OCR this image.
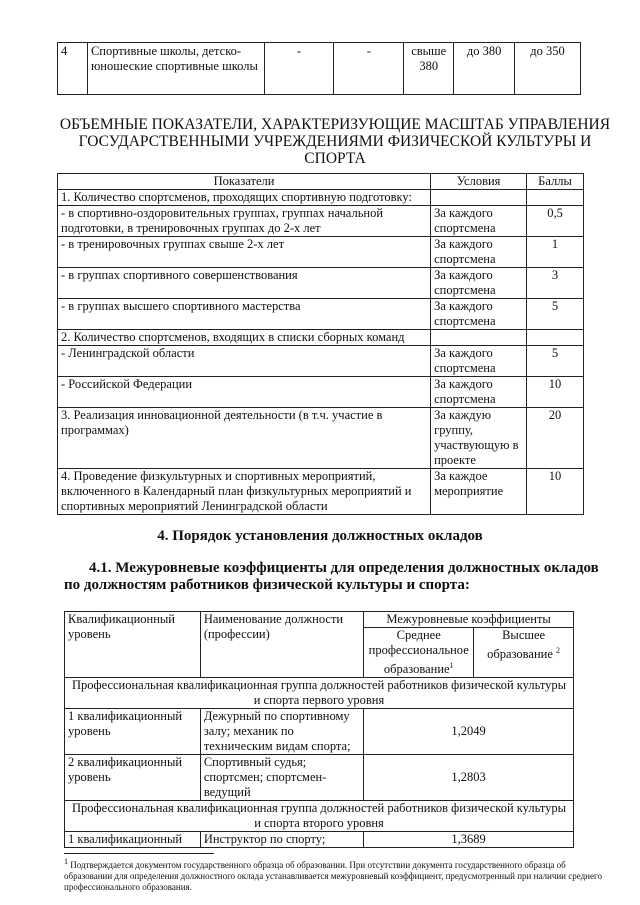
4	Спортивные школы, детско-юношеские спортивные школы	-	-	свыше 380	до 380	до 350
ОБЪЕМНЫЕ ПОКАЗАТЕЛИ, ХАРАКТЕРИЗУЮЩИЕ МАСШТАБ УПРАВЛЕНИЯ ГОСУДАРСТВЕННЫМИ УЧРЕЖДЕНИЯМИ ФИЗИЧЕСКОЙ КУЛЬТУРЫ И СПОРТА
Показатели	Условия	Баллы
1. Количество спортсменов, проходящих спортивную подготовку:		
- в спортивно-оздоровительных группах, группах начальной подготовки, в тренировочных группах до 2-х лет	За каждого спортсмена	0,5
- в тренировочных группах свыше 2-х лет	За каждого спортсмена	1
- в группах спортивного совершенствования	За каждого спортсмена	3
- в группах высшего спортивного мастерства	За каждого спортсмена	5
2. Количество спортсменов, входящих в списки сборных команд		
- Ленинградской области	За каждого спортсмена	5
- Российской Федерации	За каждого спортсмена	10
3. Реализация инновационной деятельности (в т.ч. участие в программах)	За каждую группу, участвующую в проекте	20
4. Проведение физкультурных и спортивных мероприятий, включенного в Календарный план физкультурных мероприятий и спортивных мероприятий Ленинградской области	За каждое мероприятие	10
4. Порядок установления должностных окладов
4.1. Межуровневые коэффициенты для определения должностных окладов
по должностям работников физической культуры и спорта:
Квалификационный уровень	Наименование должности (профессии)	Межуровневые коэффициенты	
		Среднее профессиональное образование$^1$	Высшее образование $^2$
Профессиональная квалификационная группа должностей работников физической культуры и спорта первого уровня			
1 квалификационный уровень	Дежурный по спортивному залу; механик по техническим видам спорта;	1,2049	
2 квалификационный уровень	Спортивный судья; спортсмен; спортсмен-ведущий	1,2803	
Профессиональная квалификационная группа должностей работников физической культуры и спорта второго уровня			
1 квалификационный	Инструктор по спорту;	1,3689	
$^1$ Подтверждается документом государственного образца об образовании. При отсутствии документа государственного образца об образовании для определения должностного оклада устанавливается межуровневый коэффициент, предусмотренный при наличии среднего профессионального образования.
